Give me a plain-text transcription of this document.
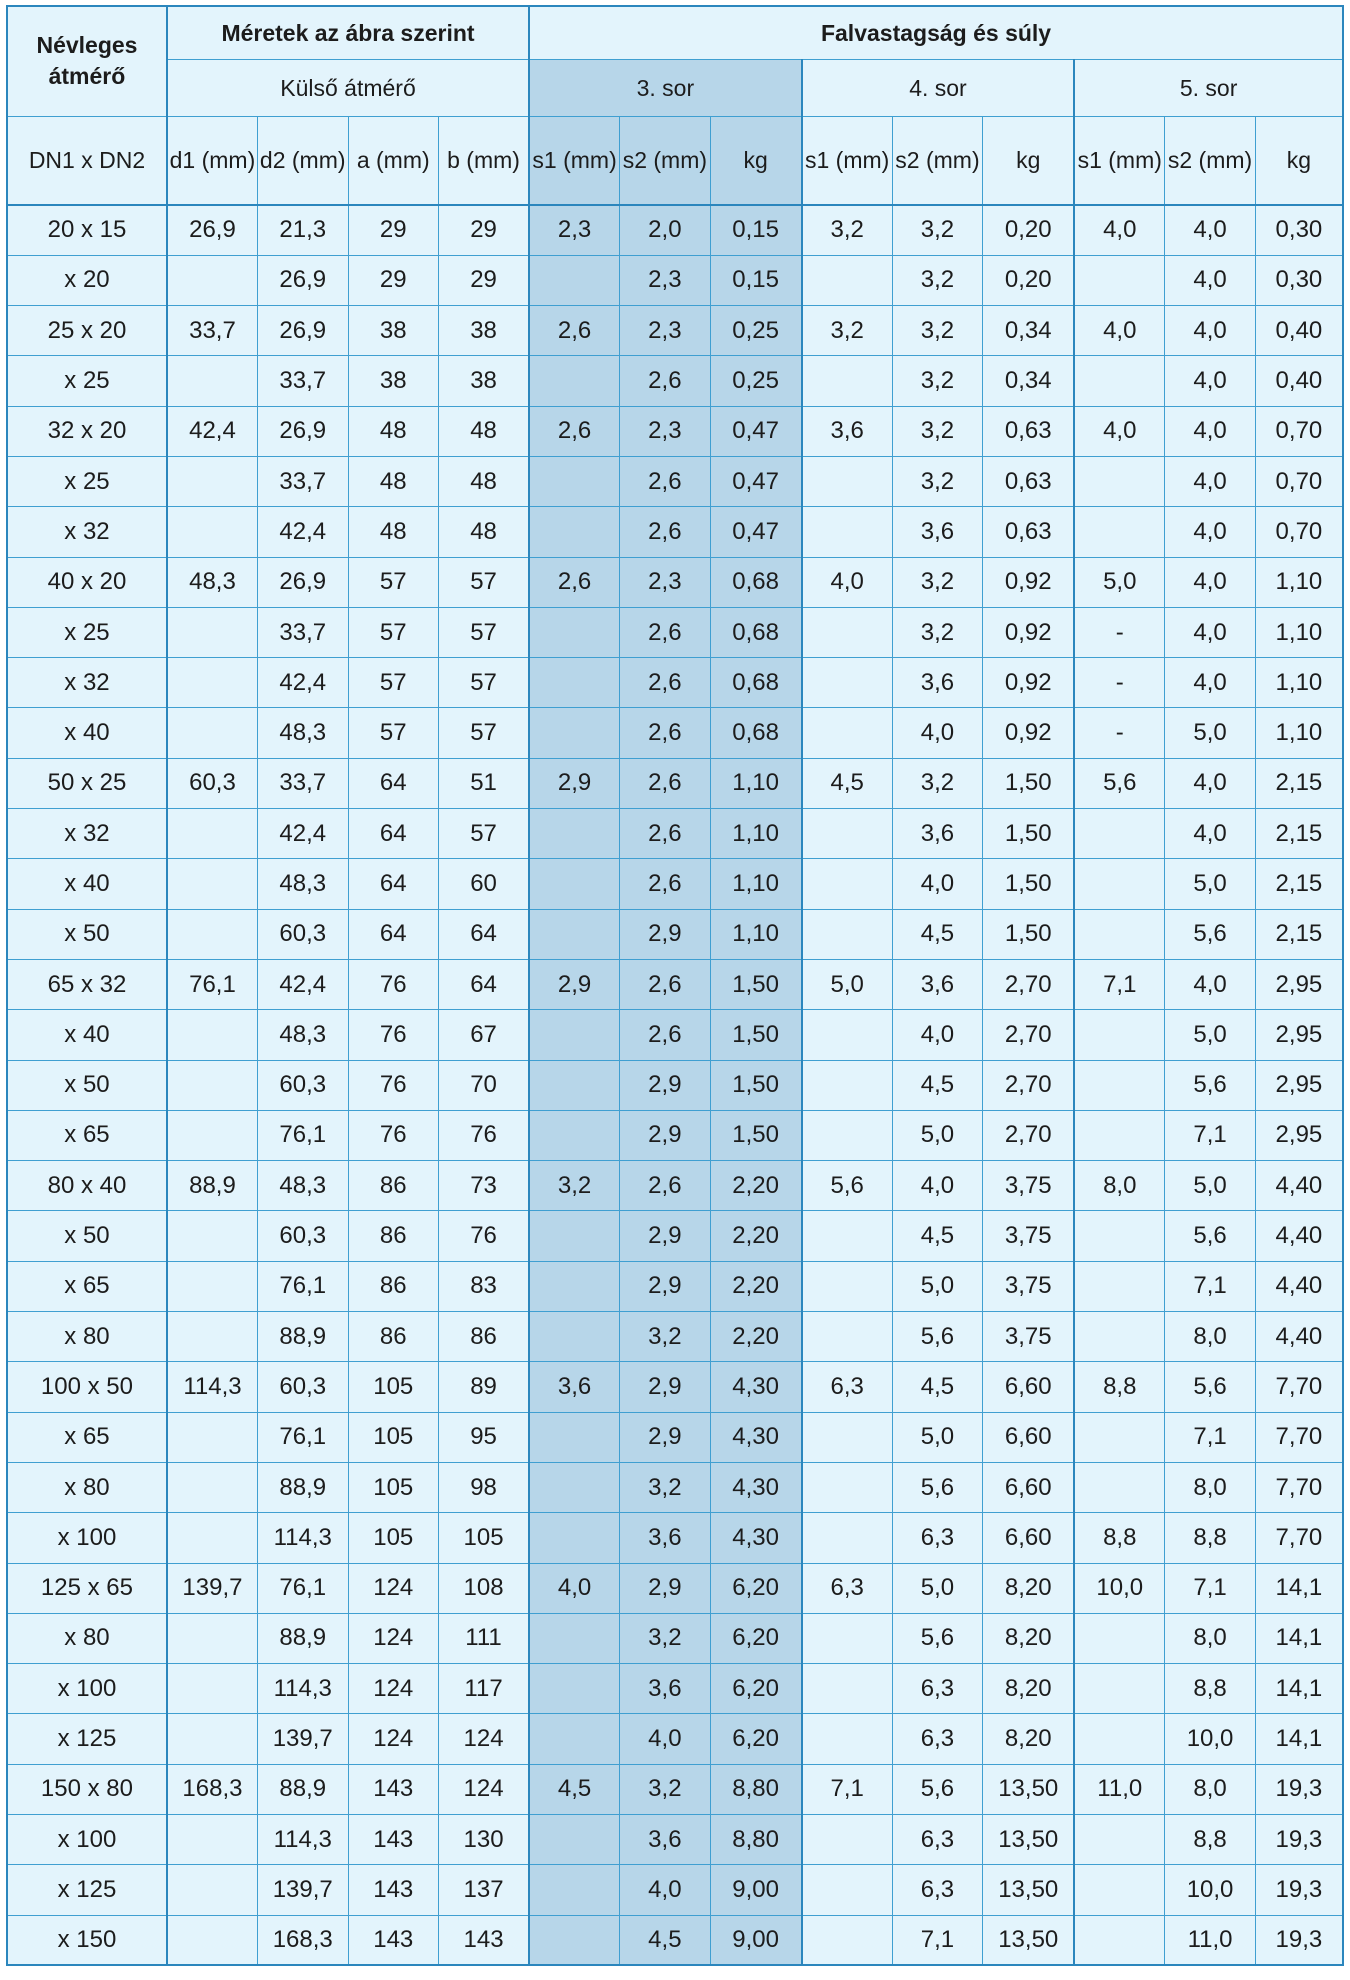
Névleges átmérő	Méretek az ábra szerint				Falvastagság és súly								
	Külső átmérő				3. sor			4. sor			5. sor		
DN1 x DN2	d1 (mm)	d2 (mm)	a (mm)	b (mm)	s1 (mm)	s2 (mm)	kg	s1 (mm)	s2 (mm)	kg	s1 (mm)	s2 (mm)	kg
20 x 15	26,9	21,3	29	29	2,3	2,0	0,15	3,2	3,2	0,20	4,0	4,0	0,30
x 20		26,9	29	29		2,3	0,15		3,2	0,20		4,0	0,30
25 x 20	33,7	26,9	38	38	2,6	2,3	0,25	3,2	3,2	0,34	4,0	4,0	0,40
x 25		33,7	38	38		2,6	0,25		3,2	0,34		4,0	0,40
32 x 20	42,4	26,9	48	48	2,6	2,3	0,47	3,6	3,2	0,63	4,0	4,0	0,70
x 25		33,7	48	48		2,6	0,47		3,2	0,63		4,0	0,70
x 32		42,4	48	48		2,6	0,47		3,6	0,63		4,0	0,70
40 x 20	48,3	26,9	57	57	2,6	2,3	0,68	4,0	3,2	0,92	5,0	4,0	1,10
x 25		33,7	57	57		2,6	0,68		3,2	0,92	-	4,0	1,10
x 32		42,4	57	57		2,6	0,68		3,6	0,92	-	4,0	1,10
x 40		48,3	57	57		2,6	0,68		4,0	0,92	-	5,0	1,10
50 x 25	60,3	33,7	64	51	2,9	2,6	1,10	4,5	3,2	1,50	5,6	4,0	2,15
x 32		42,4	64	57		2,6	1,10		3,6	1,50		4,0	2,15
x 40		48,3	64	60		2,6	1,10		4,0	1,50		5,0	2,15
x 50		60,3	64	64		2,9	1,10		4,5	1,50		5,6	2,15
65 x 32	76,1	42,4	76	64	2,9	2,6	1,50	5,0	3,6	2,70	7,1	4,0	2,95
x 40		48,3	76	67		2,6	1,50		4,0	2,70		5,0	2,95
x 50		60,3	76	70		2,9	1,50		4,5	2,70		5,6	2,95
x 65		76,1	76	76		2,9	1,50		5,0	2,70		7,1	2,95
80 x 40	88,9	48,3	86	73	3,2	2,6	2,20	5,6	4,0	3,75	8,0	5,0	4,40
x 50		60,3	86	76		2,9	2,20		4,5	3,75		5,6	4,40
x 65		76,1	86	83		2,9	2,20		5,0	3,75		7,1	4,40
x 80		88,9	86	86		3,2	2,20		5,6	3,75		8,0	4,40
100 x 50	114,3	60,3	105	89	3,6	2,9	4,30	6,3	4,5	6,60	8,8	5,6	7,70
x 65		76,1	105	95		2,9	4,30		5,0	6,60		7,1	7,70
x 80		88,9	105	98		3,2	4,30		5,6	6,60		8,0	7,70
x 100		114,3	105	105		3,6	4,30		6,3	6,60	8,8	8,8	7,70
125 x 65	139,7	76,1	124	108	4,0	2,9	6,20	6,3	5,0	8,20	10,0	7,1	14,1
x 80		88,9	124	111		3,2	6,20		5,6	8,20		8,0	14,1
x 100		114,3	124	117		3,6	6,20		6,3	8,20		8,8	14,1
x 125		139,7	124	124		4,0	6,20		6,3	8,20		10,0	14,1
150 x 80	168,3	88,9	143	124	4,5	3,2	8,80	7,1	5,6	13,50	11,0	8,0	19,3
x 100		114,3	143	130		3,6	8,80		6,3	13,50		8,8	19,3
x 125		139,7	143	137		4,0	9,00		6,3	13,50		10,0	19,3
x 150		168,3	143	143		4,5	9,00		7,1	13,50		11,0	19,3
